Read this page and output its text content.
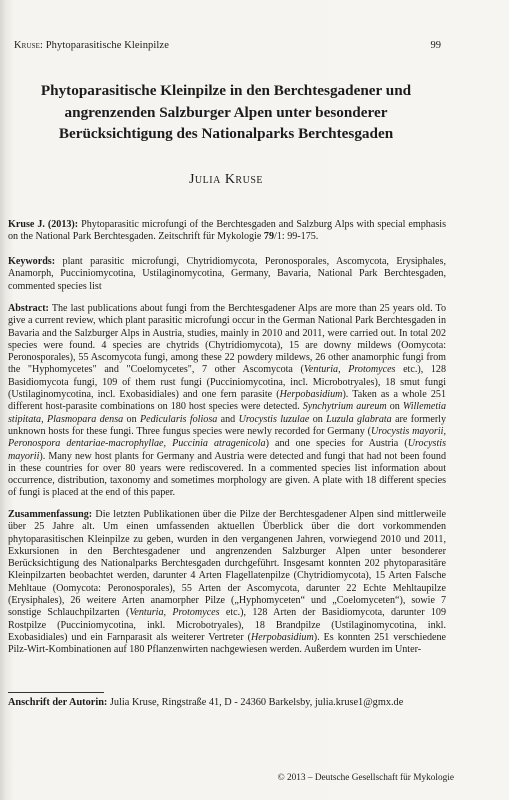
Kruse: Phytoparasitische Kleinpilze	99
Phytoparasitische Kleinpilze in den Berchtesgadener und angrenzenden Salzburger Alpen unter besonderer Berücksichtigung des Nationalparks Berchtesgaden
Julia Kruse
Kruse J. (2013): Phytoparasitic microfungi of the Berchtesgaden and Salzburg Alps with special emphasis on the National Park Berchtesgaden. Zeitschrift für Mykologie 79/1: 99-175.
Keywords: plant parasitic microfungi, Chytridiomycota, Peronosporales, Ascomycota, Erysiphales, Anamorph, Pucciniomycotina, Ustilaginomycotina, Germany, Bavaria, National Park Berchtesgaden, commented species list
Abstract: The last publications about fungi from the Berchtesgadener Alps are more than 25 years old. To give a current review, which plant parasitic microfungi occur in the German National Park Berchtesgaden in Bavaria and the Salzburger Alps in Austria, studies, mainly in 2010 and 2011, were carried out. In total 202 species were found. 4 species are chytrids (Chytridiomycota), 15 are downy mildews (Oomycota: Peronosporales), 55 Ascomycota fungi, among these 22 powdery mildews, 26 other anamorphic fungi from the "Hyphomycetes" and "Coelomycetes", 7 other Ascomycota (Venturia, Protomyces etc.), 128 Basidiomycota fungi, 109 of them rust fungi (Pucciniomycotina, incl. Microbotryales), 18 smut fungi (Ustilaginomycotina, incl. Exobasidiales) and one fern parasite (Herpobasidium). Taken as a whole 251 different host-parasite combinations on 180 host species were detected. Synchytrium aureum on Willemetia stipitata, Plasmopara densa on Pedicularis foliosa and Urocystis luzulae on Luzula glabrata are formerly unknown hosts for these fungi. Three fungus species were newly recorded for Germany (Urocystis mayorii, Peronospora dentariae-macrophyllae, Puccinia atragenicola) and one species for Austria (Urocystis mayorii). Many new host plants for Germany and Austria were detected and fungi that had not been found in these countries for over 80 years were rediscovered. In a commented species list information about occurrence, distribution, taxonomy and sometimes morphology are given. A plate with 18 different species of fungi is placed at the end of this paper.
Zusammenfassung: Die letzten Publikationen über die Pilze der Berchtesgadener Alpen sind mittlerweile über 25 Jahre alt. Um einen umfassenden aktuellen Überblick über die dort vorkommenden phytoparasitischen Kleinpilze zu geben, wurden in den vergangenen Jahren, vorwiegend 2010 und 2011, Exkursionen in den Berchtesgadener und angrenzenden Salzburger Alpen unter besonderer Berücksichtigung des Nationalparks Berchtesgaden durchgeführt. Insgesamt konnten 202 phytoparasitäre Kleinpilzarten beobachtet werden, darunter 4 Arten Flagellatenpilze (Chytridiomycota), 15 Arten Falsche Mehltaue (Oomycota: Peronosporales), 55 Arten der Ascomycota, darunter 22 Echte Mehltaupilze (Erysiphales), 26 weitere Arten anamorpher Pilze („Hyphomyceten“ und „Coelomyceten“), sowie 7 sonstige Schlauchpilzarten (Venturia, Protomyces etc.), 128 Arten der Basidiomycota, darunter 109 Rostpilze (Pucciniomycotina, inkl. Microbotryales), 18 Brandpilze (Ustilaginomycotina, inkl. Exobasidiales) und ein Farnparasit als weiterer Vertreter (Herpobasidium). Es konnten 251 verschiedene Pilz-Wirt-Kombinationen auf 180 Pflanzenwirten nachgewiesen werden. Außerdem wurden im Unter-
Anschrift der Autorin: Julia Kruse, Ringstraße 41, D - 24360 Barkelsby, julia.kruse1@gmx.de
© 2013 – Deutsche Gesellschaft für Mykologie
